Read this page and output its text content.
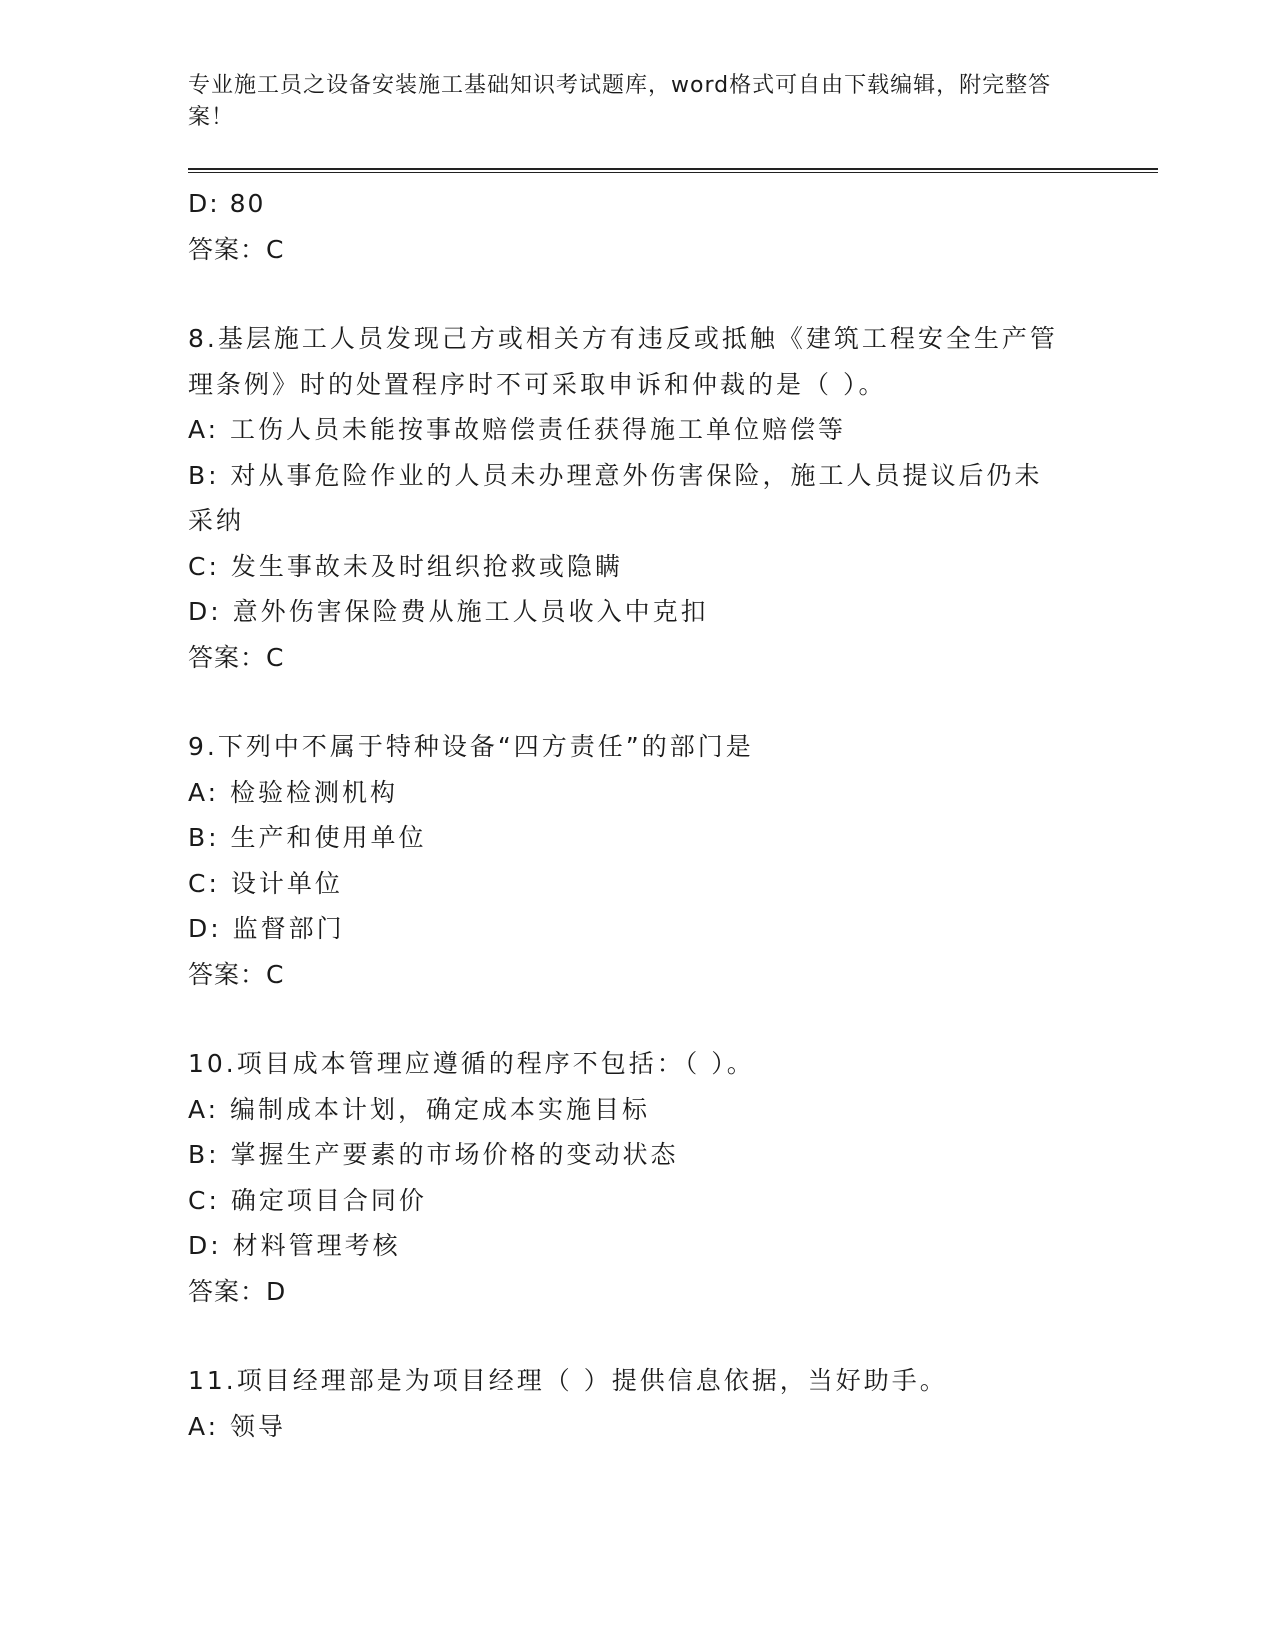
专业施工员之设备安装施工基础知识考试题库，word格式可自由下载编辑，附完整答案！
D: 80
答案：C
8.基层施工人员发现己方或相关方有违反或抵触《建筑工程安全生产管理条例》时的处置程序时不可采取申诉和仲裁的是（ ）。
A: 工伤人员未能按事故赔偿责任获得施工单位赔偿等
B: 对从事危险作业的人员未办理意外伤害保险，施工人员提议后仍未采纳
C: 发生事故未及时组织抢救或隐瞒
D: 意外伤害保险费从施工人员收入中克扣
答案：C
9.下列中不属于特种设备“四方责任”的部门是
A: 检验检测机构
B: 生产和使用单位
C: 设计单位
D: 监督部门
答案：C
10.项目成本管理应遵循的程序不包括：（ ）。
A: 编制成本计划，确定成本实施目标
B: 掌握生产要素的市场价格的变动状态
C: 确定项目合同价
D: 材料管理考核
答案：D
11.项目经理部是为项目经理（ ）提供信息依据，当好助手。
A: 领导
